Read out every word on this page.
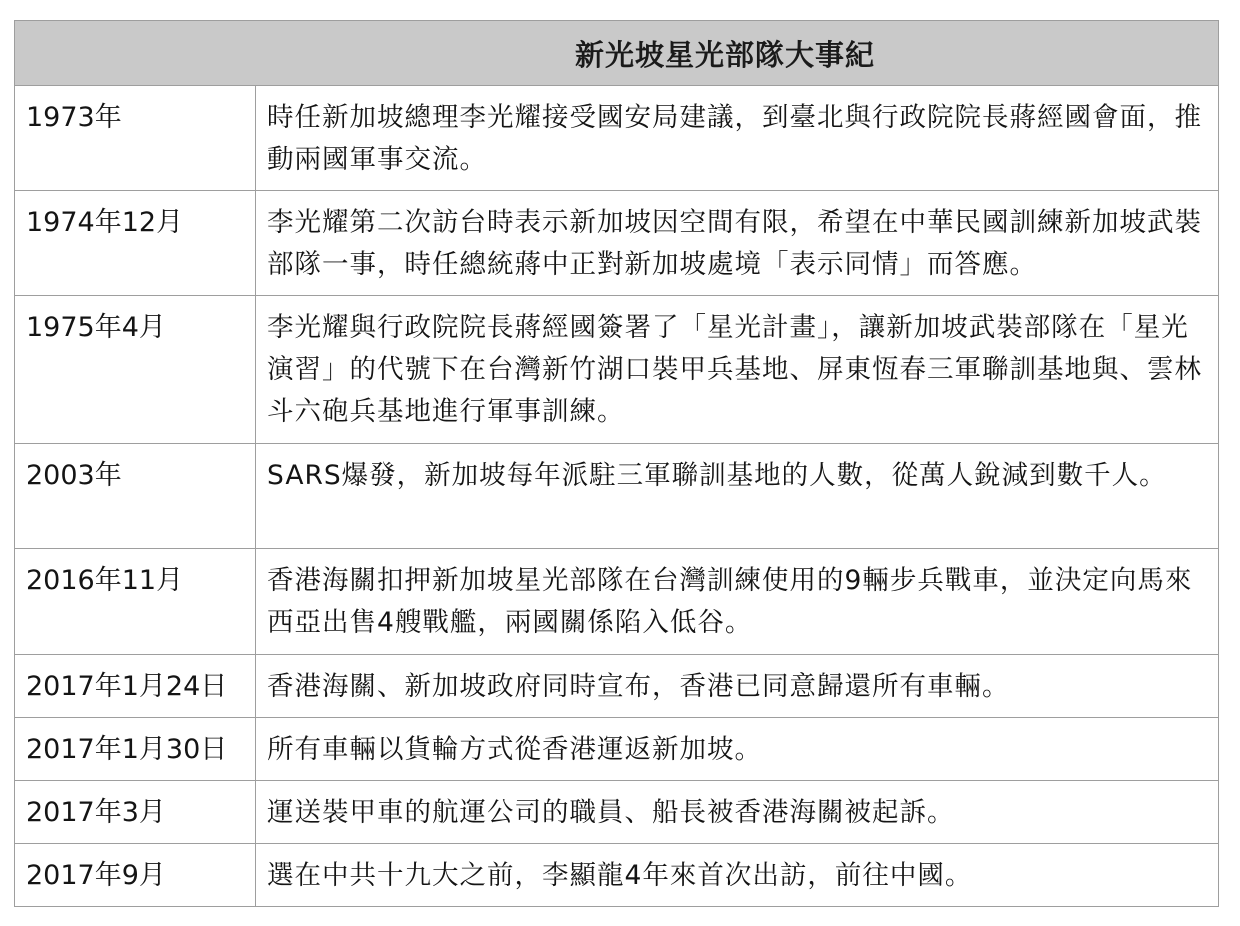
新光坡星光部隊大事紀	
1973年	時任新加坡總理李光耀接受國安局建議，到臺北與行政院院長蔣經國會面，推動兩國軍事交流。
1974年12月	李光耀第二次訪台時表示新加坡因空間有限，希望在中華民國訓練新加坡武裝部隊一事，時任總統蔣中正對新加坡處境「表示同情」而答應。
1975年4月	李光耀與行政院院長蔣經國簽署了「星光計畫」，讓新加坡武裝部隊在「星光演習」的代號下在台灣新竹湖口裝甲兵基地、屏東恆春三軍聯訓基地與、雲林斗六砲兵基地進行軍事訓練。
2003年	SARS爆發，新加坡每年派駐三軍聯訓基地的人數，從萬人銳減到數千人。
2016年11月	香港海關扣押新加坡星光部隊在台灣訓練使用的9輛步兵戰車，並決定向馬來西亞出售4艘戰艦，兩國關係陷入低谷。
2017年1月24日	香港海關、新加坡政府同時宣布，香港已同意歸還所有車輛。
2017年1月30日	所有車輛以貨輪方式從香港運返新加坡。
2017年3月	運送裝甲車的航運公司的職員、船長被香港海關被起訴。
2017年9月	選在中共十九大之前，李顯龍4年來首次出訪，前往中國。
